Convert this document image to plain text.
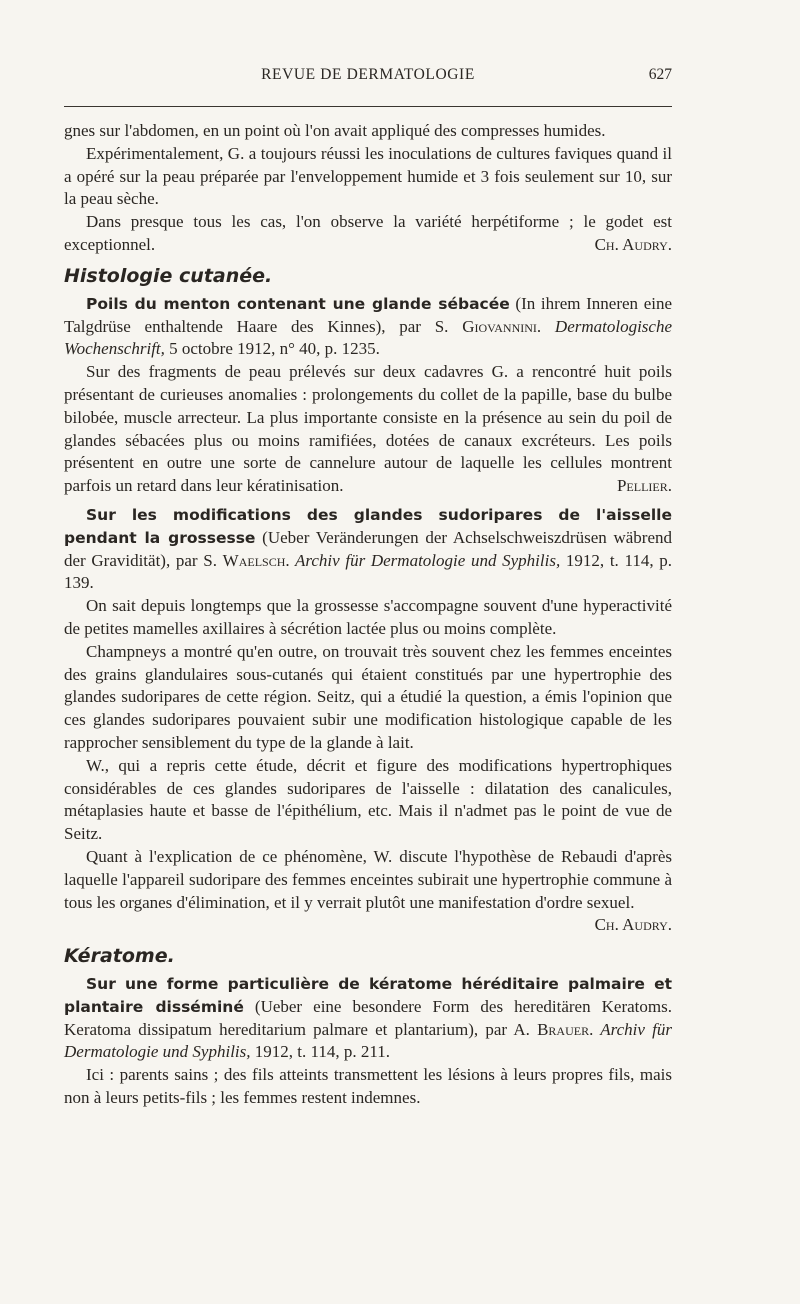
REVUE DE DERMATOLOGIE	627

gnes sur l'abdomen, en un point où l'on avait appliqué des compresses humides.

Expérimentalement, G. a toujours réussi les inoculations de cultures faviques quand il a opéré sur la peau préparée par l'enveloppement humide et 3 fois seulement sur 10, sur la peau sèche.

Dans presque tous les cas, l'on observe la variété herpétiforme ; le godet est exceptionnel.	Ch. Audry.

Histologie cutanée.

Poils du menton contenant une glande sébacée (In ihrem Inneren eine Talgdrüse enthaltende Haare des Kinnes), par S. Giovannini. Dermatologische Wochenschrift, 5 octobre 1912, n° 40, p. 1235.

Sur des fragments de peau prélevés sur deux cadavres G. a rencontré huit poils présentant de curieuses anomalies : prolongements du collet de la papille, base du bulbe bilobée, muscle arrecteur. La plus importante consiste en la présence au sein du poil de glandes sébacées plus ou moins ramifiées, dotées de canaux excréteurs. Les poils présentent en outre une sorte de cannelure autour de laquelle les cellules montrent parfois un retard dans leur kératinisation.	Pellier.

Sur les modifications des glandes sudoripares de l'aisselle pendant la grossesse (Ueber Veränderungen der Achselschweiszdrüsen wäbrend der Gravidität), par S. Waelsch. Archiv für Dermatologie und Syphilis, 1912, t. 114, p. 139.

On sait depuis longtemps que la grossesse s'accompagne souvent d'une hyperactivité de petites mamelles axillaires à sécrétion lactée plus ou moins complète.

Champneys a montré qu'en outre, on trouvait très souvent chez les femmes enceintes des grains glandulaires sous-cutanés qui étaient constitués par une hypertrophie des glandes sudoripares de cette région. Seitz, qui a étudié la question, a émis l'opinion que ces glandes sudoripares pouvaient subir une modification histologique capable de les rapprocher sensiblement du type de la glande à lait.

W., qui a repris cette étude, décrit et figure des modifications hypertrophiques considérables de ces glandes sudoripares de l'aisselle : dilatation des canalicules, métaplasies haute et basse de l'épithélium, etc. Mais il n'admet pas le point de vue de Seitz.

Quant à l'explication de ce phénomène, W. discute l'hypothèse de Rebaudi d'après laquelle l'appareil sudoripare des femmes enceintes subirait une hypertrophie commune à tous les organes d'élimination, et il y verrait plutôt une manifestation d'ordre sexuel.
Ch. Audry.

Kératome.

Sur une forme particulière de kératome héréditaire palmaire et plantaire disséminé (Ueber eine besondere Form des hereditären Keratoms. Keratoma dissipatum hereditarium palmare et plantarium), par A. Brauer. Archiv für Dermatologie und Syphilis, 1912, t. 114, p. 211.

Ici : parents sains ; des fils atteints transmettent les lésions à leurs propres fils, mais non à leurs petits-fils ; les femmes restent indemnes.
